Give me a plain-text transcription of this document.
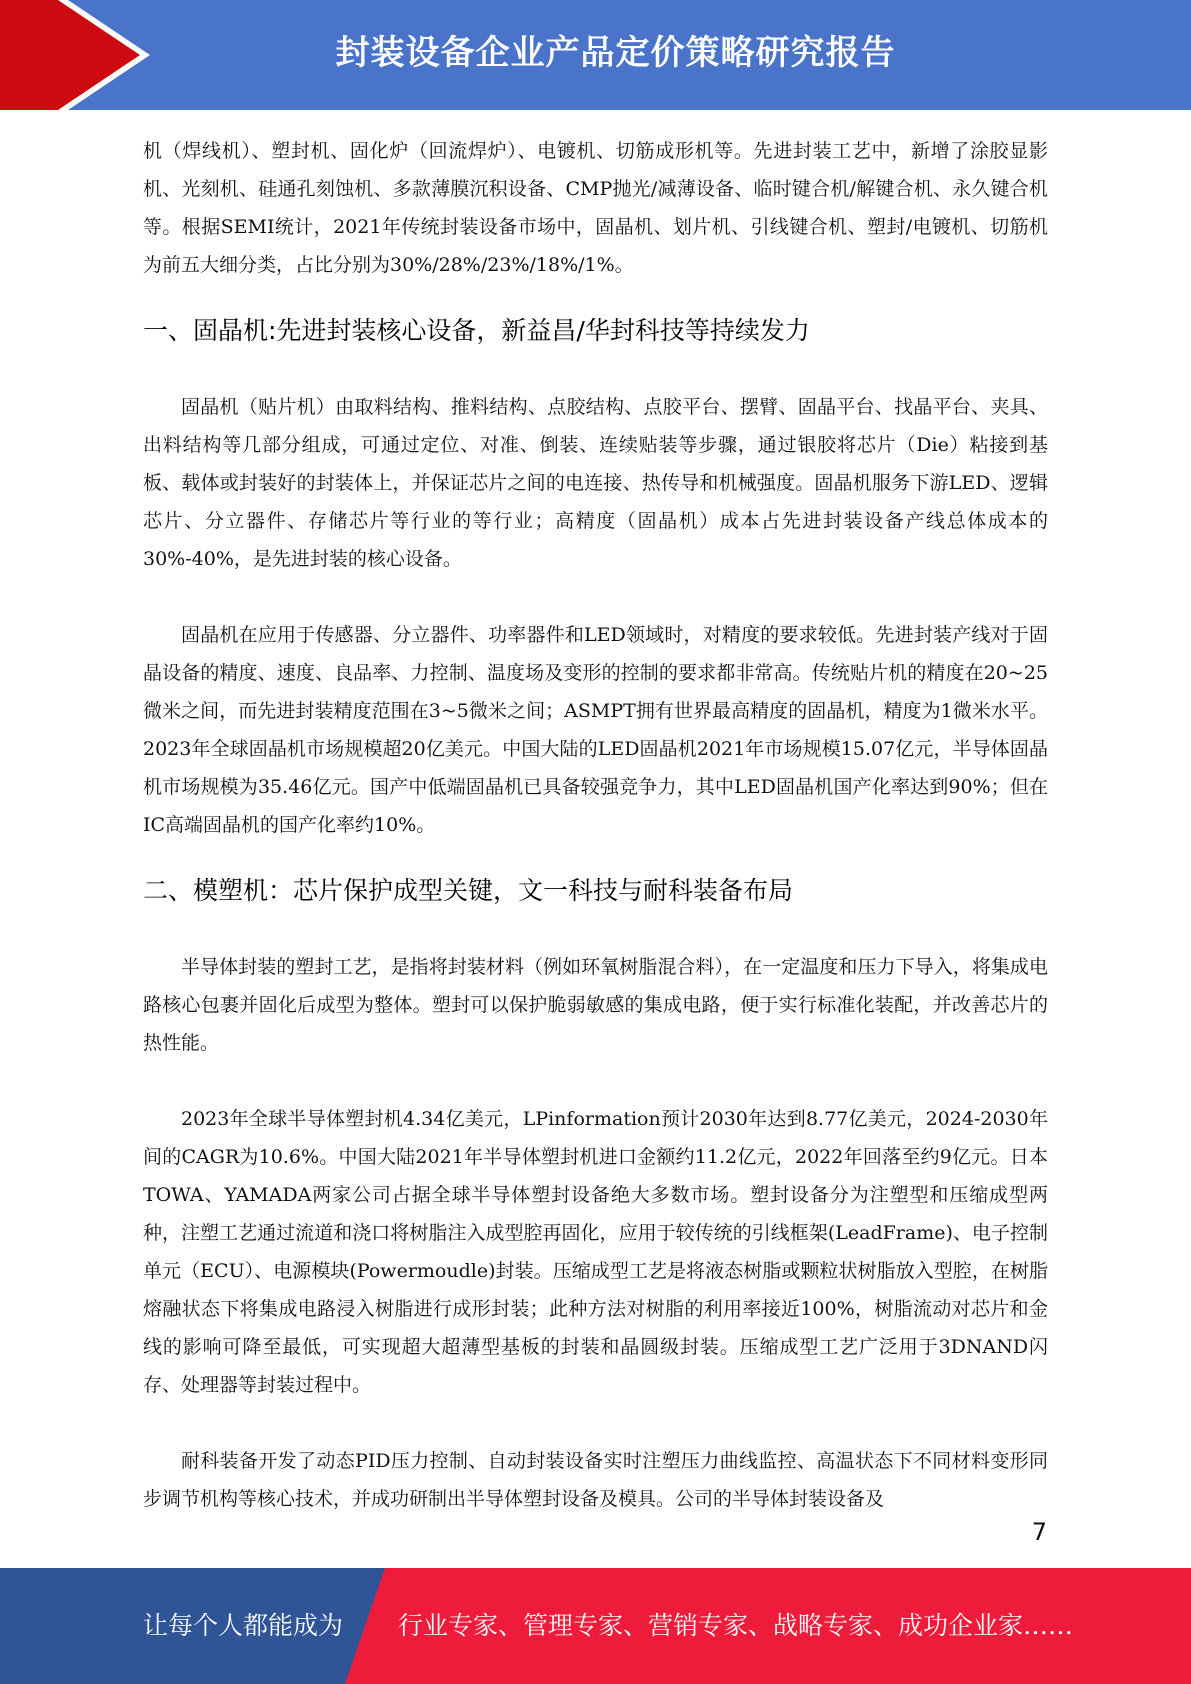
封装设备企业产品定价策略研究报告

机（焊线机）、塑封机、固化炉（回流焊炉）、电镀机、切筋成形机等。先进封装工艺中，新增了涂胶显影机、光刻机、硅通孔刻蚀机、多款薄膜沉积设备、CMP抛光/减薄设备、临时键合机/解键合机、永久键合机等。根据SEMI统计，2021年传统封装设备市场中，固晶机、划片机、引线键合机、塑封/电镀机、切筋机为前五大细分类，占比分别为30%/28%/23%/18%/1%。

一、固晶机:先进封装核心设备，新益昌/华封科技等持续发力

固晶机（贴片机）由取料结构、推料结构、点胶结构、点胶平台、摆臂、固晶平台、找晶平台、夹具、出料结构等几部分组成，可通过定位、对准、倒装、连续贴装等步骤，通过银胶将芯片（Die）粘接到基板、载体或封装好的封装体上，并保证芯片之间的电连接、热传导和机械强度。固晶机服务下游LED、逻辑芯片、分立器件、存储芯片等行业的等行业；高精度（固晶机）成本占先进封装设备产线总体成本的30%-40%，是先进封装的核心设备。

固晶机在应用于传感器、分立器件、功率器件和LED领域时，对精度的要求较低。先进封装产线对于固晶设备的精度、速度、良品率、力控制、温度场及变形的控制的要求都非常高。传统贴片机的精度在20~25微米之间，而先进封装精度范围在3~5微米之间；ASMPT拥有世界最高精度的固晶机，精度为1微米水平。2023年全球固晶机市场规模超20亿美元。中国大陆的LED固晶机2021年市场规模15.07亿元，半导体固晶机市场规模为35.46亿元。国产中低端固晶机已具备较强竞争力，其中LED固晶机国产化率达到90%；但在IC高端固晶机的国产化率约10%。

二、模塑机：芯片保护成型关键，文一科技与耐科装备布局

半导体封装的塑封工艺，是指将封装材料（例如环氧树脂混合料），在一定温度和压力下导入，将集成电路核心包裹并固化后成型为整体。塑封可以保护脆弱敏感的集成电路，便于实行标准化装配，并改善芯片的热性能。

2023年全球半导体塑封机4.34亿美元，LPinformation预计2030年达到8.77亿美元，2024-2030年间的CAGR为10.6%。中国大陆2021年半导体塑封机进口金额约11.2亿元，2022年回落至约9亿元。日本TOWA、YAMADA两家公司占据全球半导体塑封设备绝大多数市场。塑封设备分为注塑型和压缩成型两种，注塑工艺通过流道和浇口将树脂注入成型腔再固化，应用于较传统的引线框架(LeadFrame)、电子控制单元（ECU）、电源模块(Powermoudle)封装。压缩成型工艺是将液态树脂或颗粒状树脂放入型腔，在树脂熔融状态下将集成电路浸入树脂进行成形封装；此种方法对树脂的利用率接近100%，树脂流动对芯片和金线的影响可降至最低，可实现超大超薄型基板的封装和晶圆级封装。压缩成型工艺广泛用于3DNAND闪存、处理器等封装过程中。

耐科装备开发了动态PID压力控制、自动封装设备实时注塑压力曲线监控、高温状态下不同材料变形同步调节机构等核心技术，并成功研制出半导体塑封设备及模具。公司的半导体封装设备及

7
让每个人都能成为 行业专家、管理专家、营销专家、战略专家、成功企业家……
